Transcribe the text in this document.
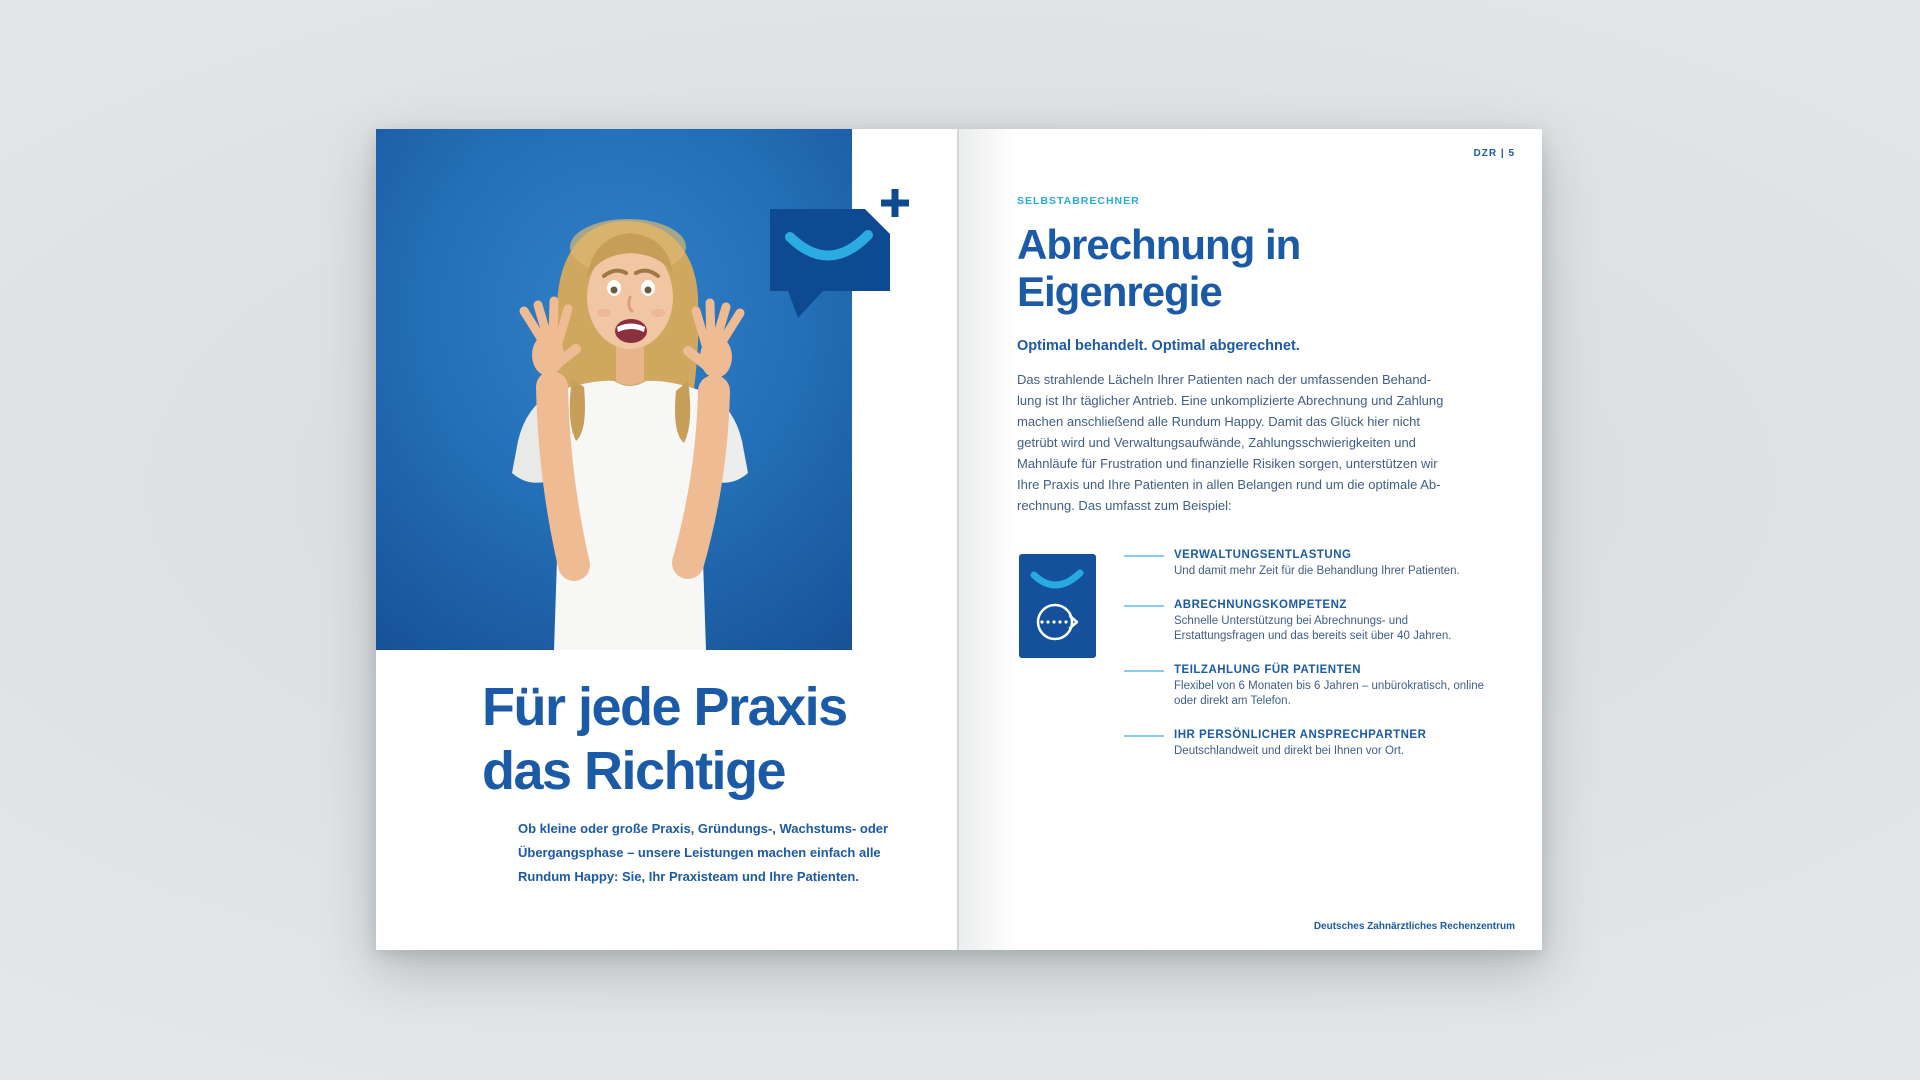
Für jede Praxis
das Richtige
Ob kleine oder große Praxis, Gründungs-, Wachstums- oder
Übergangsphase – unsere Leistungen machen einfach alle
Rundum Happy: Sie, Ihr Praxisteam und Ihre Patienten.
DZR | 5
SELBSTABRECHNER
Abrechnung in
Eigenregie
Optimal behandelt. Optimal abgerechnet.
Das strahlende Lächeln Ihrer Patienten nach der umfassenden Behand-
lung ist Ihr täglicher Antrieb. Eine unkomplizierte Abrechnung und Zahlung
machen anschließend alle Rundum Happy. Damit das Glück hier nicht
getrübt wird und Verwaltungsaufwände, Zahlungsschwierigkeiten und
Mahnläufe für Frustration und finanzielle Risiken sorgen, unterstützen wir
Ihre Praxis und Ihre Patienten in allen Belangen rund um die optimale Ab-
rechnung. Das umfasst zum Beispiel:
VERWALTUNGSENTLASTUNG
Und damit mehr Zeit für die Behandlung Ihrer Patienten.
ABRECHNUNGSKOMPETENZ
Schnelle Unterstützung bei Abrechnungs- und Erstattungsfragen und das bereits seit über 40 Jahren.
TEILZAHLUNG FÜR PATIENTEN
Flexibel von 6 Monaten bis 6 Jahren – unbürokratisch, online oder direkt am Telefon.
IHR PERSÖNLICHER ANSPRECHPARTNER
Deutschlandweit und direkt bei Ihnen vor Ort.
Deutsches Zahnärztliches Rechenzentrum
